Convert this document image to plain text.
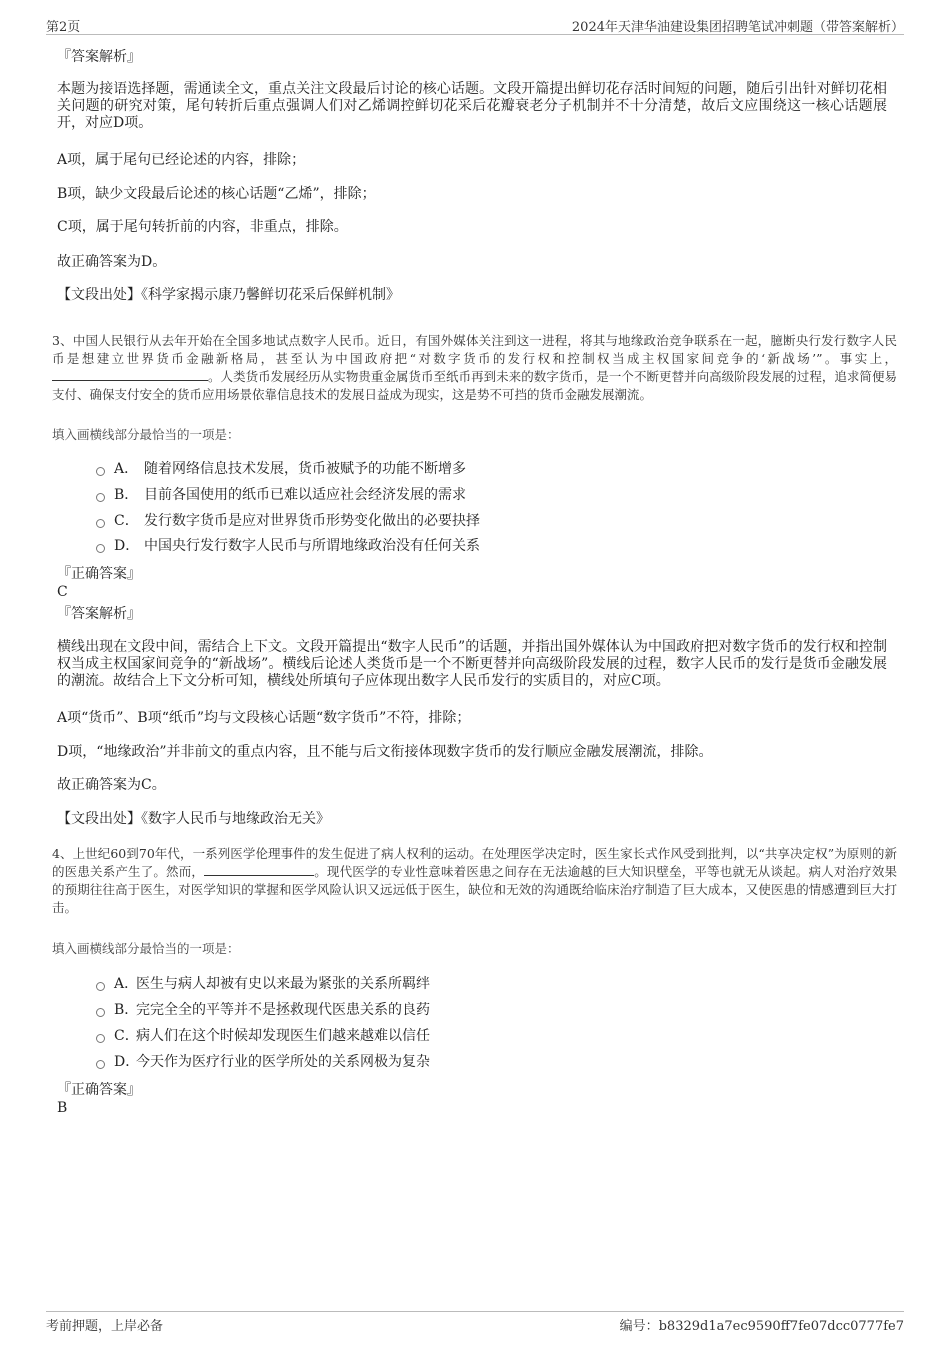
第2页	2024年天津华油建设集团招聘笔试冲刺题（带答案解析）
『答案解析』
本题为接语选择题，需通读全文，重点关注文段最后讨论的核心话题。文段开篇提出鲜切花存活时间短的问题，随后引出针对鲜切花相关问题的研究对策，尾句转折后重点强调人们对乙烯调控鲜切花采后花瓣衰老分子机制并不十分清楚，故后文应围绕这一核心话题展开，对应D项。
A项，属于尾句已经论述的内容，排除；
B项，缺少文段最后论述的核心话题“乙烯”，排除；
C项，属于尾句转折前的内容，非重点，排除。
故正确答案为D。
【文段出处】《科学家揭示康乃馨鲜切花采后保鲜机制》
3、中国人民银行从去年开始在全国多地试点数字人民币。近日，有国外媒体关注到这一进程，将其与地缘政治竞争联系在一起，臆断央行发行数字人民币是想建立世界货币金融新格局，甚至认为中国政府把“对数字货币的发行权和控制权当成主权国家间竞争的‘新战场’”。事实上，。人类货币发展经历从实物贵重金属货币至纸币再到未来的数字货币，是一个不断更替并向高级阶段发展的过程，追求简便易支付、确保支付安全的货币应用场景依靠信息技术的发展日益成为现实，这是势不可挡的货币金融发展潮流。
填入画横线部分最恰当的一项是：
A． 随着网络信息技术发展，货币被赋予的功能不断增多
B． 目前各国使用的纸币已难以适应社会经济发展的需求
C． 发行数字货币是应对世界货币形势变化做出的必要抉择
D． 中国央行发行数字人民币与所谓地缘政治没有任何关系
『正确答案』
C
『答案解析』
横线出现在文段中间，需结合上下文。文段开篇提出“数字人民币”的话题，并指出国外媒体认为中国政府把对数字货币的发行权和控制权当成主权国家间竞争的“新战场”。横线后论述人类货币是一个不断更替并向高级阶段发展的过程，数字人民币的发行是货币金融发展的潮流。故结合上下文分析可知，横线处所填句子应体现出数字人民币发行的实质目的，对应C项。
A项“货币”、B项“纸币”均与文段核心话题“数字货币”不符，排除；
D项，“地缘政治”并非前文的重点内容，且不能与后文衔接体现数字货币的发行顺应金融发展潮流，排除。
故正确答案为C。
【文段出处】《数字人民币与地缘政治无关》
4、上世纪60到70年代，一系列医学伦理事件的发生促进了病人权利的运动。在处理医学决定时，医生家长式作风受到批判，以“共享决定权”为原则的新的医患关系产生了。然而，	。现代医学的专业性意味着医患之间存在无法逾越的巨大知识壁垒，平等也就无从谈起。病人对治疗效果的预期往往高于医生，对医学知识的掌握和医学风险认识又远远低于医生，缺位和无效的沟通既给临床治疗制造了巨大成本，又使医患的情感遭到巨大打击。
填入画横线部分最恰当的一项是：
A．
医生与病人却被有史以来最为紧张的关系所羁绊
B．
完完全全的平等并不是拯救现代医患关系的良药
C．
病人们在这个时候却发现医生们越来越难以信任
D．
今天作为医疗行业的医学所处的关系网极为复杂
『正确答案』
B
考前押题，上岸必备	编号：b8329d1a7ec9590ff7fe07dcc0777fe7
